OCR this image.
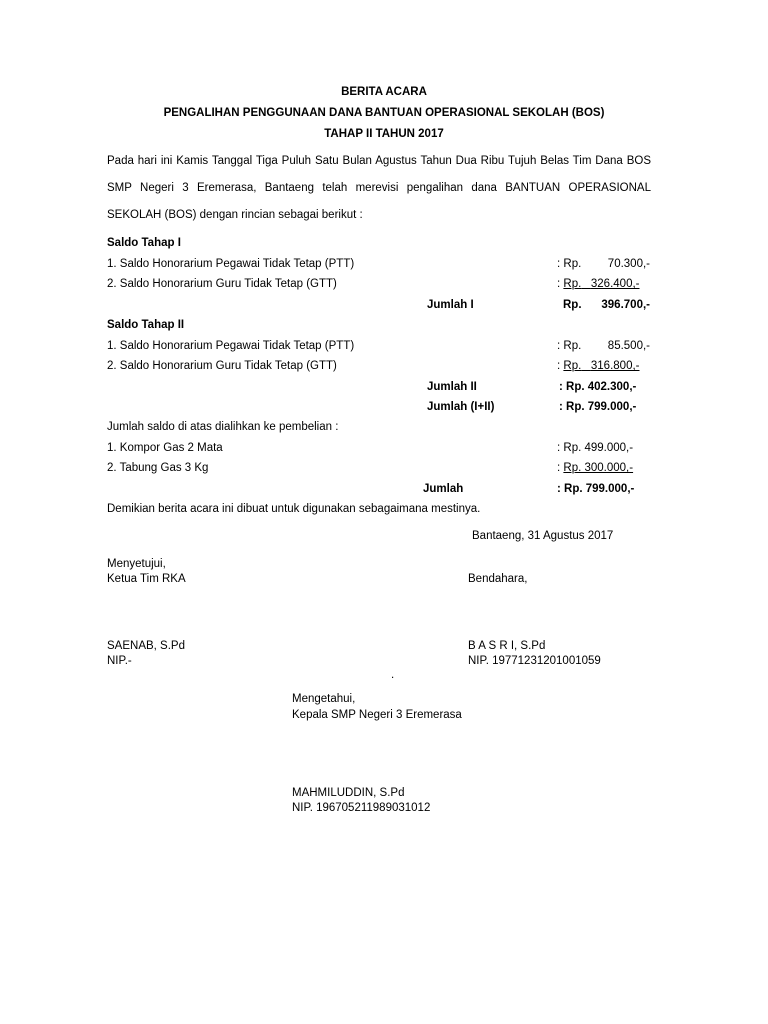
BERITA ACARA
PENGALIHAN PENGGUNAAN DANA BANTUAN OPERASIONAL SEKOLAH (BOS)
TAHAP II TAHUN 2017
Pada hari ini Kamis Tanggal Tiga Puluh Satu Bulan Agustus Tahun Dua Ribu Tujuh Belas Tim Dana BOS
SMP Negeri 3 Eremerasa, Bantaeng telah merevisi pengalihan dana BANTUAN OPERASIONAL
SEKOLAH (BOS) dengan rincian sebagai berikut :
Saldo Tahap I
1. Saldo Honorarium Pegawai Tidak Tetap (PTT)	: Rp.	70.300,-
2. Saldo Honorarium Guru Tidak Tetap (GTT)	: Rp. 326.400,-
Jumlah I	Rp.	396.700,-
Saldo Tahap II
1. Saldo Honorarium Pegawai Tidak Tetap (PTT)	: Rp.	85.500,-
2. Saldo Honorarium Guru Tidak Tetap (GTT)	: Rp. 316.800,-
Jumlah II	: Rp. 402.300,-
Jumlah (I+II)	: Rp. 799.000,-
Jumlah saldo di atas dialihkan ke pembelian :
1. Kompor Gas 2 Mata	: Rp. 499.000,-
2. Tabung Gas 3 Kg	: Rp. 300.000,-
Jumlah	: Rp. 799.000,-
Demikian berita acara ini dibuat untuk digunakan sebagaimana mestinya.
Bantaeng, 31 Agustus 2017
Menyetujui,
Ketua Tim RKA	Bendahara,
SAENAB, S.Pd
NIP.-
B A S R I, S.Pd
NIP. 19771231201001059
.
Mengetahui,
Kepala SMP Negeri 3 Eremerasa
MAHMILUDDIN, S.Pd
NIP. 196705211989031012
